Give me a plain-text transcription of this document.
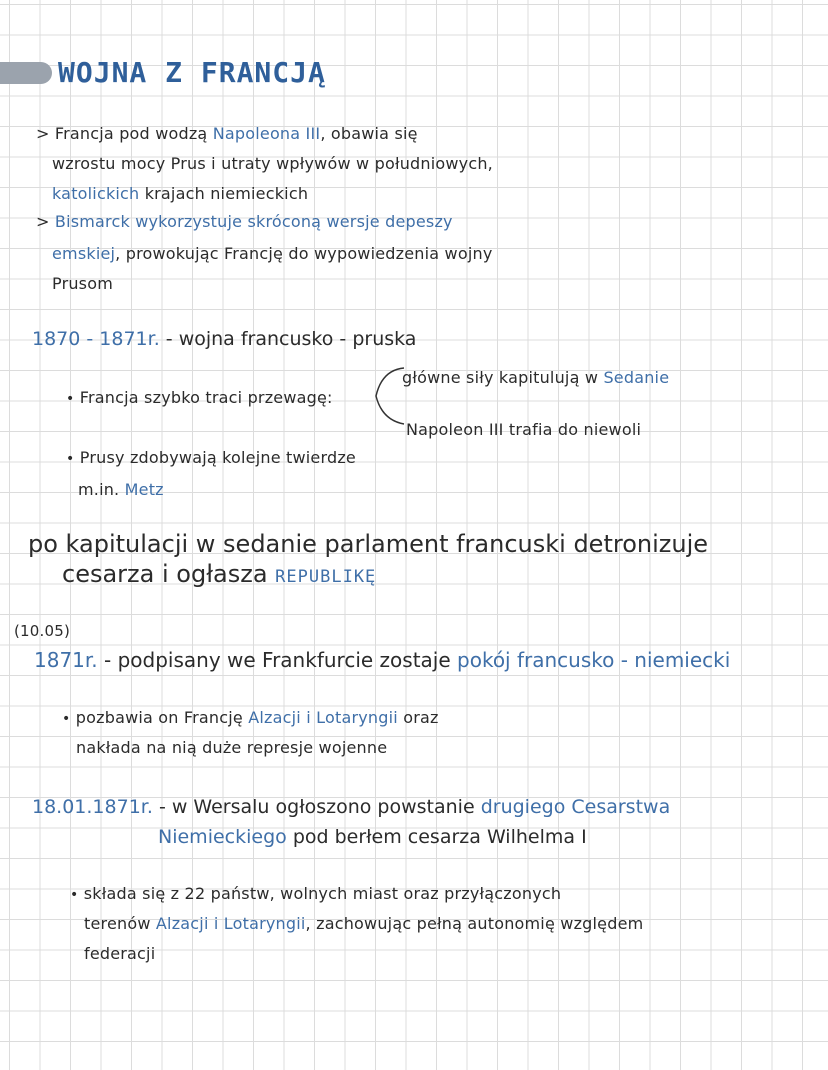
WOJNA Z FRANCJĄ
> Francja pod wodzą Napoleona III, obawia się
wzrostu mocy Prus i utraty wpływów w południowych,
katolickich krajach niemieckich
> Bismarck wykorzystuje skróconą wersje depeszy
emskiej, prowokując Francję do wypowiedzenia wojny
Prusom
1870 - 1871r. - wojna francusko - pruska
• Francja szybko traci przewagę:
główne siły kapitulują w Sedanie
Napoleon III trafia do niewoli
• Prusy zdobywają kolejne twierdze
m.in. Metz
po kapitulacji w sedanie parlament francuski detronizuje
cesarza i ogłasza REPUBLIKĘ
(10.05)
1871r. - podpisany we Frankfurcie zostaje pokój francusko - niemiecki
• pozbawia on Francję Alzacji i Lotaryngii oraz
nakłada na nią duże represje wojenne
18.01.1871r. - w Wersalu ogłoszono powstanie drugiego Cesarstwa
Niemieckiego pod berłem cesarza Wilhelma I
• składa się z 22 państw, wolnych miast oraz przyłączonych
terenów Alzacji i Lotaryngii, zachowując pełną autonomię względem
federacji
